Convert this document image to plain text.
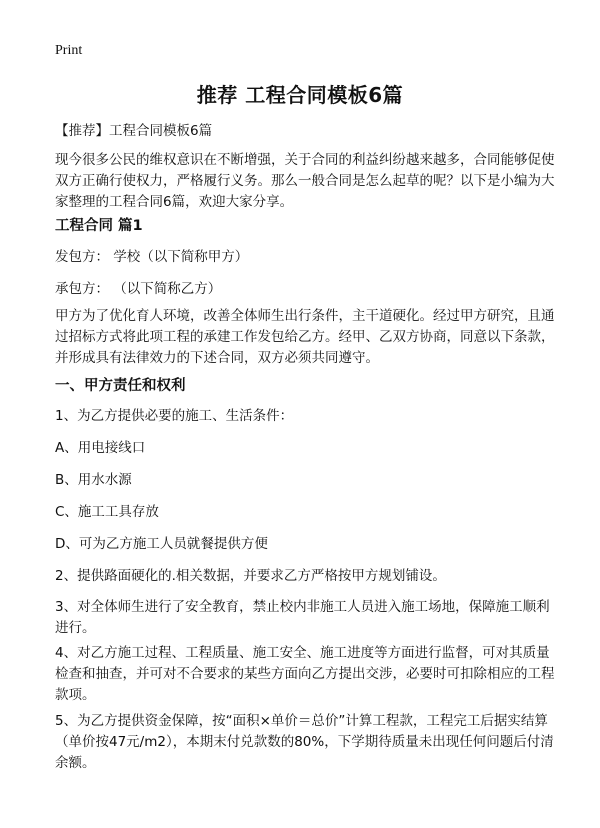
Print
推荐 工程合同模板6篇
【推荐】工程合同模板6篇
现今很多公民的维权意识在不断增强，关于合同的利益纠纷越来越多，合同能够促使双方正确行使权力，严格履行义务。那么一般合同是怎么起草的呢？以下是小编为大家整理的工程合同6篇，欢迎大家分享。
工程合同 篇1
发包方： 学校（以下简称甲方）
承包方： （以下简称乙方）
甲方为了优化育人环境，改善全体师生出行条件，主干道硬化。经过甲方研究，且通过招标方式将此项工程的承建工作发包给乙方。经甲、乙双方协商，同意以下条款，并形成具有法律效力的下述合同，双方必须共同遵守。
一、甲方责任和权利
1、为乙方提供必要的施工、生活条件：
A、用电接线口
B、用水水源
C、施工工具存放
D、可为乙方施工人员就餐提供方便
2、提供路面硬化的.相关数据，并要求乙方严格按甲方规划铺设。
3、对全体师生进行了安全教育，禁止校内非施工人员进入施工场地，保障施工顺利进行。
4、对乙方施工过程、工程质量、施工安全、施工进度等方面进行监督，可对其质量检查和抽查，并可对不合要求的某些方面向乙方提出交涉，必要时可扣除相应的工程款项。
5、为乙方提供资金保障，按“面积×单价＝总价”计算工程款，工程完工后据实结算（单价按47元/m2），本期末付兑款数的80%，下学期待质量未出现任何问题后付清余额。
